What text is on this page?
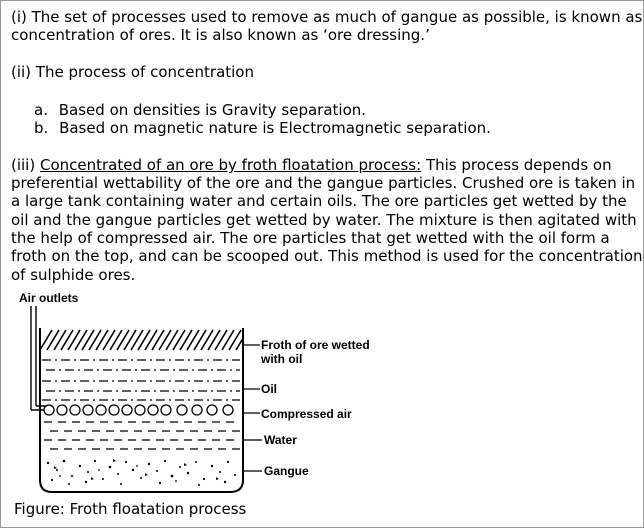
(i) The set of processes used to remove as much of gangue as possible, is known as
concentration of ores. It is also known as ‘ore dressing.’
(ii) The process of concentration
a. Based on densities is Gravity separation.
b. Based on magnetic nature is Electromagnetic separation.
(iii) Concentrated of an ore by froth floatation process: This process depends on
preferential wettability of the ore and the gangue particles. Crushed ore is taken in
a large tank containing water and certain oils. The ore particles get wetted by the
oil and the gangue particles get wetted by water. The mixture is then agitated with
the help of compressed air. The ore particles that get wetted with the oil form a
froth on the top, and can be scooped out. This method is used for the concentration
of sulphide ores.
Air outlets
Froth of ore wetted
with oil
Oil
Compressed air
Water
Gangue
Figure: Froth floatation process
